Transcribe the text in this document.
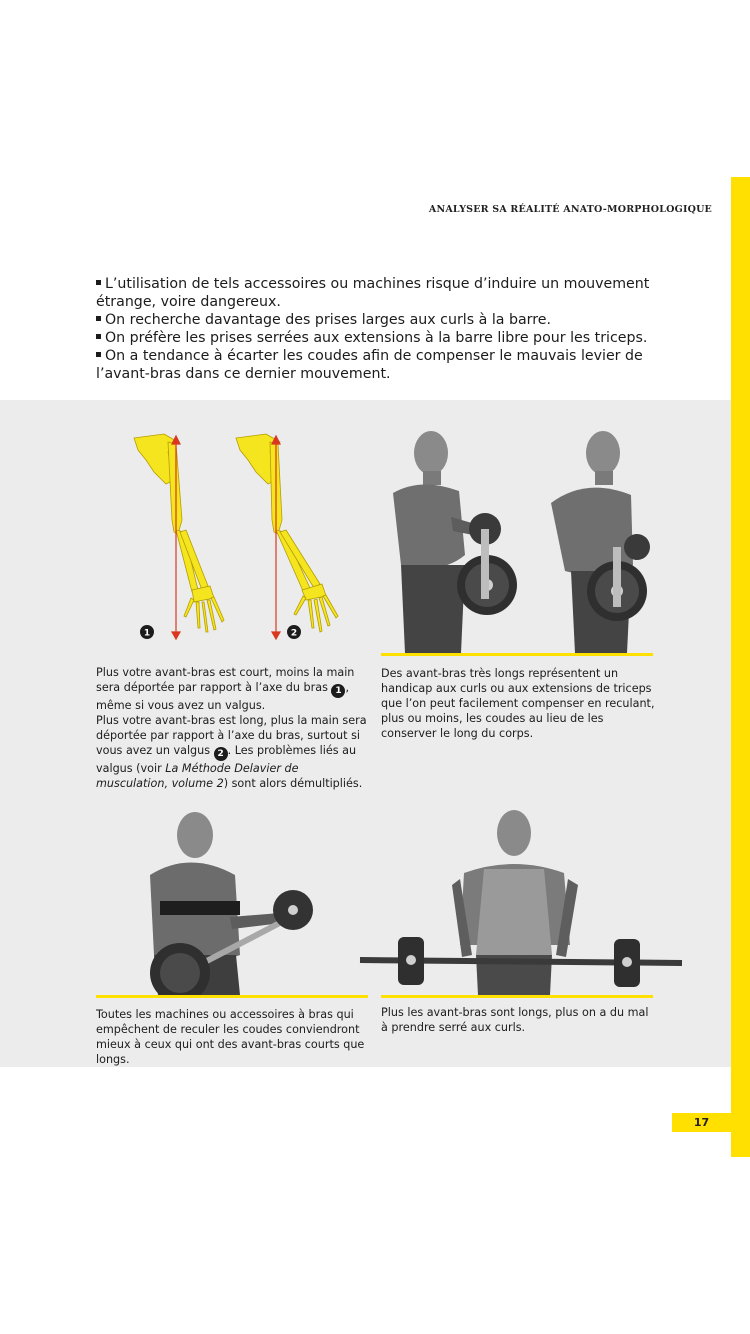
ANALYSER SA RÉALITÉ ANATO-MORPHOLOGIQUE
L’utilisation de tels accessoires ou machines risque d’induire un mouvement étrange, voire dangereux.
On recherche davantage des prises larges aux curls à la barre.
On préfère les prises serrées aux extensions à la barre libre pour les triceps.
On a tendance à écarter les coudes afin de compenser le mauvais levier de l’avant-bras dans ce dernier mouvement.
1	2
Plus votre avant-bras est court, moins la main sera déportée par rapport à l’axe du bras 1 , même si vous avez un valgus.
Plus votre avant-bras est long, plus la main sera déportée par rapport à l’axe du bras, surtout si vous avez un valgus 2 . Les problèmes liés au valgus (voir La Méthode Delavier de musculation, volume 2) sont alors démultipliés.
Des avant-bras très longs représentent un handicap aux curls ou aux extensions de triceps que l’on peut facilement compenser en reculant, plus ou moins, les coudes au lieu de les conserver le long du corps.
Toutes les machines ou accessoires à bras qui empêchent de reculer les coudes conviendront mieux à ceux qui ont des avant-bras courts que longs.
Plus les avant-bras sont longs, plus on a du mal à prendre serré aux curls.
17
